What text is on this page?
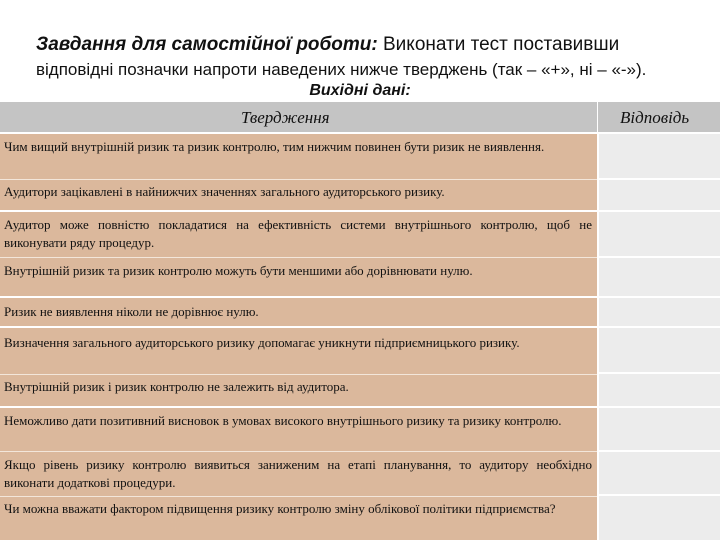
Завдання для самостійної роботи: Виконати тест поставивши
відповідні позначки напроти наведених нижче тверджень (так – «+», ні – «-»).
Вихідні дані:
Твердження	Відповідь
Чим вищий внутрішній ризик та ризик контролю, тим нижчим повинен бути ризик не виявлення.
Аудитори зацікавлені в найнижчих значеннях загального аудиторського ризику.
Аудитор може повністю покладатися на ефективність системи внутрішнього контролю, щоб не виконувати ряду процедур.
Внутрішній ризик та ризик контролю можуть бути меншими або дорівнювати нулю.
Ризик не виявлення ніколи не дорівнює нулю.
Визначення загального аудиторського ризику допомагає уникнути підприємницького ризику.
Внутрішній ризик і ризик контролю не залежить від аудитора.
Неможливо дати позитивний висновок в умовах високого внутрішнього ризику та ризику контролю.
Якщо рівень ризику контролю виявиться заниженим на етапі планування, то аудитору необхідно виконати додаткові процедури.
Чи можна вважати фактором підвищення ризику контролю зміну облікової політики підприємства?
